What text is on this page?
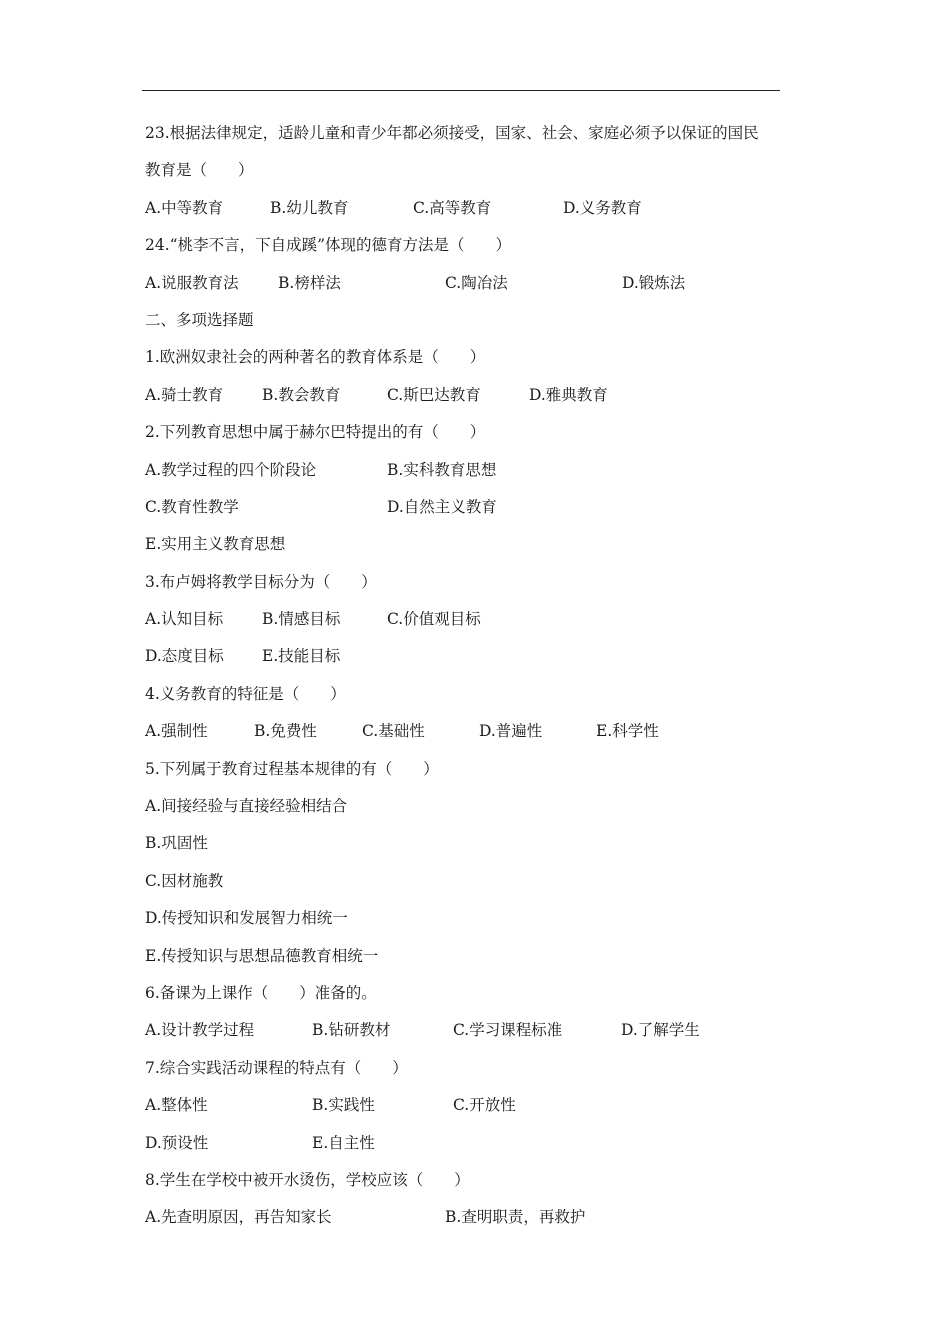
23.根据法律规定，适龄儿童和青少年都必须接受，国家、社会、家庭必须予以保证的国民
教育是（　　）
A.中等教育	B.幼儿教育	C.高等教育	D.义务教育
24.“桃李不言，下自成蹊”体现的德育方法是（　　）
A.说服教育法	B.榜样法	C.陶冶法	D.锻炼法
二、多项选择题
1.欧洲奴隶社会的两种著名的教育体系是（　　）
A.骑士教育	B.教会教育	C.斯巴达教育	D.雅典教育
2.下列教育思想中属于赫尔巴特提出的有（　　）
A.教学过程的四个阶段论	B.实科教育思想
C.教育性教学	D.自然主义教育
E.实用主义教育思想
3.布卢姆将教学目标分为（　　）
A.认知目标	B.情感目标	C.价值观目标
D.态度目标 E.技能目标
4.义务教育的特征是（　　）
A.强制性	B.免费性	C.基础性	D.普遍性	E.科学性
5.下列属于教育过程基本规律的有（　　）
A.间接经验与直接经验相结合
B.巩固性
C.因材施教
D.传授知识和发展智力相统一
E.传授知识与思想品德教育相统一
6.备课为上课作（　　）准备的。
A.设计教学过程	B.钻研教材	C.学习课程标准	D.了解学生
7.综合实践活动课程的特点有（　　）
A.整体性	B.实践性	C.开放性
D.预设性	E.自主性
8.学生在学校中被开水烫伤，学校应该（　　）
A.先查明原因，再告知家长	B.查明职责，再救护
